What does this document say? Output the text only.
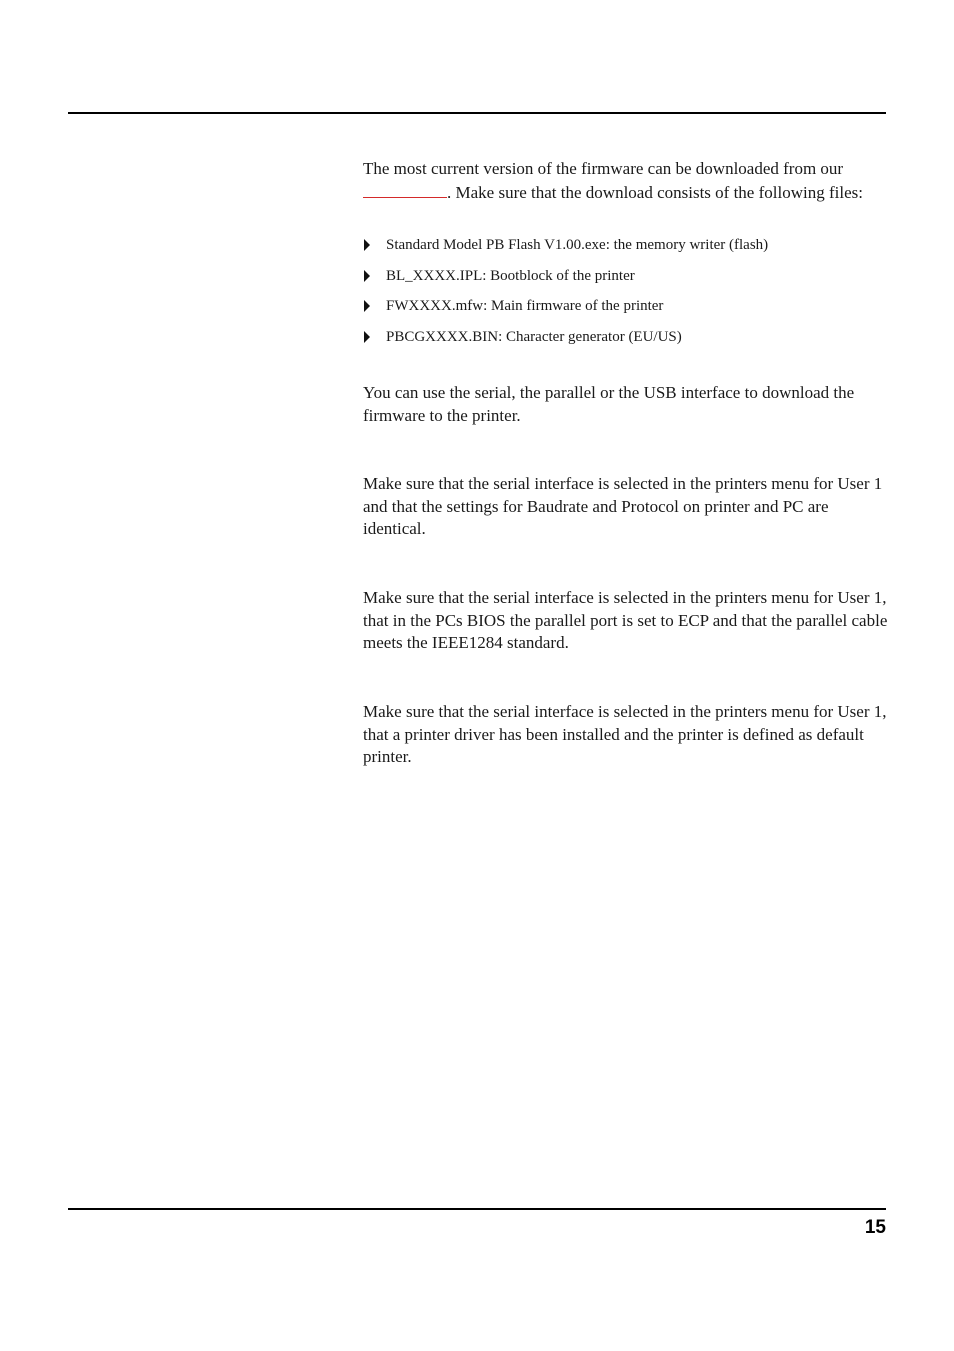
The most current version of the firmware can be downloaded from our . Make sure that the download consists of the following files:

Standard Model PB Flash V1.00.exe: the memory writer (flash)
BL_XXXX.IPL: Bootblock of the printer
FWXXXX.mfw: Main firmware of the printer
PBCGXXXX.BIN: Character generator (EU/US)

You can use the serial, the parallel or the USB interface to download the firmware to the printer.

Make sure that the serial interface is selected in the printers menu for User 1 and that the settings for Baudrate and Protocol on printer and PC are identical.

Make sure that the serial interface is selected in the printers menu for User 1, that in the PCs BIOS the parallel port is set to ECP and that the parallel cable meets the IEEE1284 standard.

Make sure that the serial interface is selected in the printers menu for User 1, that a printer driver has been installed and the printer is defined as default printer.

15
